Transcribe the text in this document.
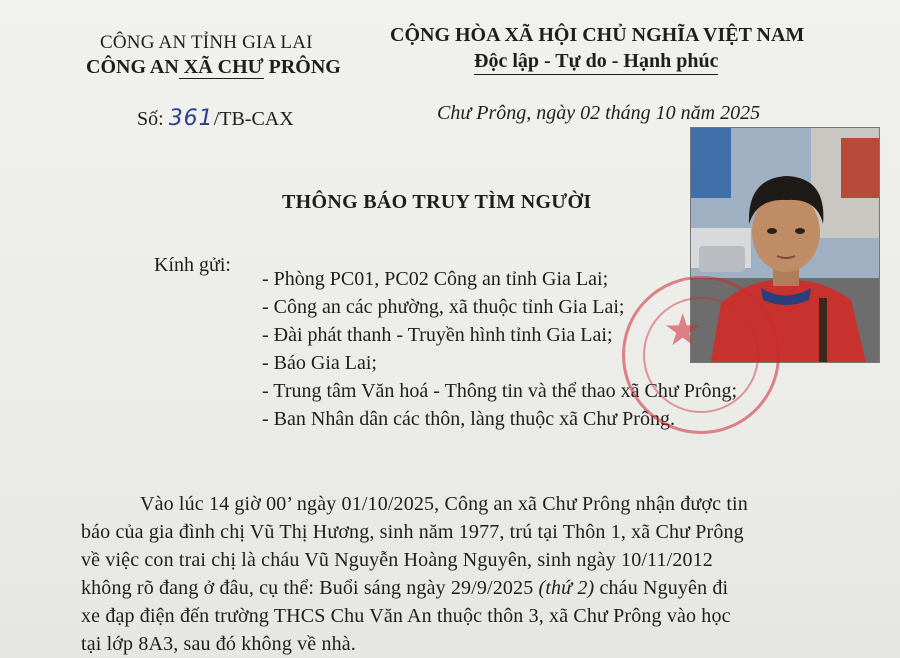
CÔNG AN TỈNH GIA LAI
CÔNG AN XÃ CHƯ PRÔNG
CỘNG HÒA XÃ HỘI CHỦ NGHĨA VIỆT NAM
Độc lập - Tự do - Hạnh phúc
Số: 361/TB-CAX	Chư Prông, ngày 02 tháng 10 năm 2025
THÔNG BÁO TRUY TÌM NGƯỜI
Kính gửi:
- Phòng PC01, PC02 Công an tỉnh Gia Lai;
- Công an các phường, xã thuộc tỉnh Gia Lai;
- Đài phát thanh - Truyền hình tỉnh Gia Lai;
- Báo Gia Lai;
- Trung tâm Văn hoá - Thông tin và thể thao xã Chư Prông;
- Ban Nhân dân các thôn, làng thuộc xã Chư Prông.
★
Vào lúc 14 giờ 00’ ngày 01/10/2025, Công an xã Chư Prông nhận được tin
báo của gia đình chị Vũ Thị Hương, sinh năm 1977, trú tại Thôn 1, xã Chư Prông
về việc con trai chị là cháu Vũ Nguyễn Hoàng Nguyên, sinh ngày 10/11/2012
không rõ đang ở đâu, cụ thể: Buổi sáng ngày 29/9/2025 (thứ 2) cháu Nguyên đi
xe đạp điện đến trường THCS Chu Văn An thuộc thôn 3, xã Chư Prông vào học
tại lớp 8A3, sau đó không về nhà.
